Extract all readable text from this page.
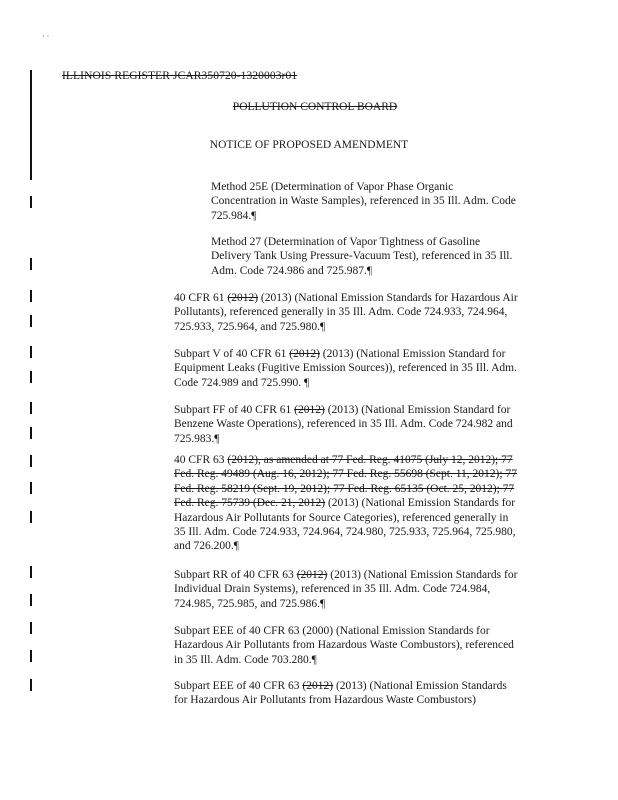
· ·
ILLINOIS REGISTER JCAR350720-1320003r01
POLLUTION CONTROL BOARD
NOTICE OF PROPOSED AMENDMENT
Method 25E (Determination of Vapor Phase Organic
Concentration in Waste Samples), referenced in 35 Ill. Adm. Code
725.984.¶
Method 27 (Determination of Vapor Tightness of Gasoline
Delivery Tank Using Pressure-Vacuum Test), referenced in 35 Ill.
Adm. Code 724.986 and 725.987.¶
40 CFR 61 (2012) (2013) (National Emission Standards for Hazardous Air
Pollutants), referenced generally in 35 Ill. Adm. Code 724.933, 724.964,
725.933, 725.964, and 725.980.¶
Subpart V of 40 CFR 61 (2012) (2013) (National Emission Standard for
Equipment Leaks (Fugitive Emission Sources)), referenced in 35 Ill. Adm.
Code 724.989 and 725.990. ¶
Subpart FF of 40 CFR 61 (2012) (2013) (National Emission Standard for
Benzene Waste Operations), referenced in 35 Ill. Adm. Code 724.982 and
725.983.¶
40 CFR 63 (2012), as amended at 77 Fed. Reg. 41075 (July 12, 2012); 77
Fed. Reg. 49489 (Aug. 16, 2012); 77 Fed. Reg. 55698 (Sept. 11, 2012); 77
Fed. Reg. 58219 (Sept. 19, 2012); 77 Fed. Reg. 65135 (Oct. 25, 2012); 77
Fed. Reg. 75739 (Dec. 21, 2012) (2013) (National Emission Standards for
Hazardous Air Pollutants for Source Categories), referenced generally in
35 Ill. Adm. Code 724.933, 724.964, 724.980, 725.933, 725.964, 725.980,
and 726.200.¶
Subpart RR of 40 CFR 63 (2012) (2013) (National Emission Standards for
Individual Drain Systems), referenced in 35 Ill. Adm. Code 724.984,
724.985, 725.985, and 725.986.¶
Subpart EEE of 40 CFR 63 (2000) (National Emission Standards for
Hazardous Air Pollutants from Hazardous Waste Combustors), referenced
in 35 Ill. Adm. Code 703.280.¶
Subpart EEE of 40 CFR 63 (2012) (2013) (National Emission Standards
for Hazardous Air Pollutants from Hazardous Waste Combustors)
